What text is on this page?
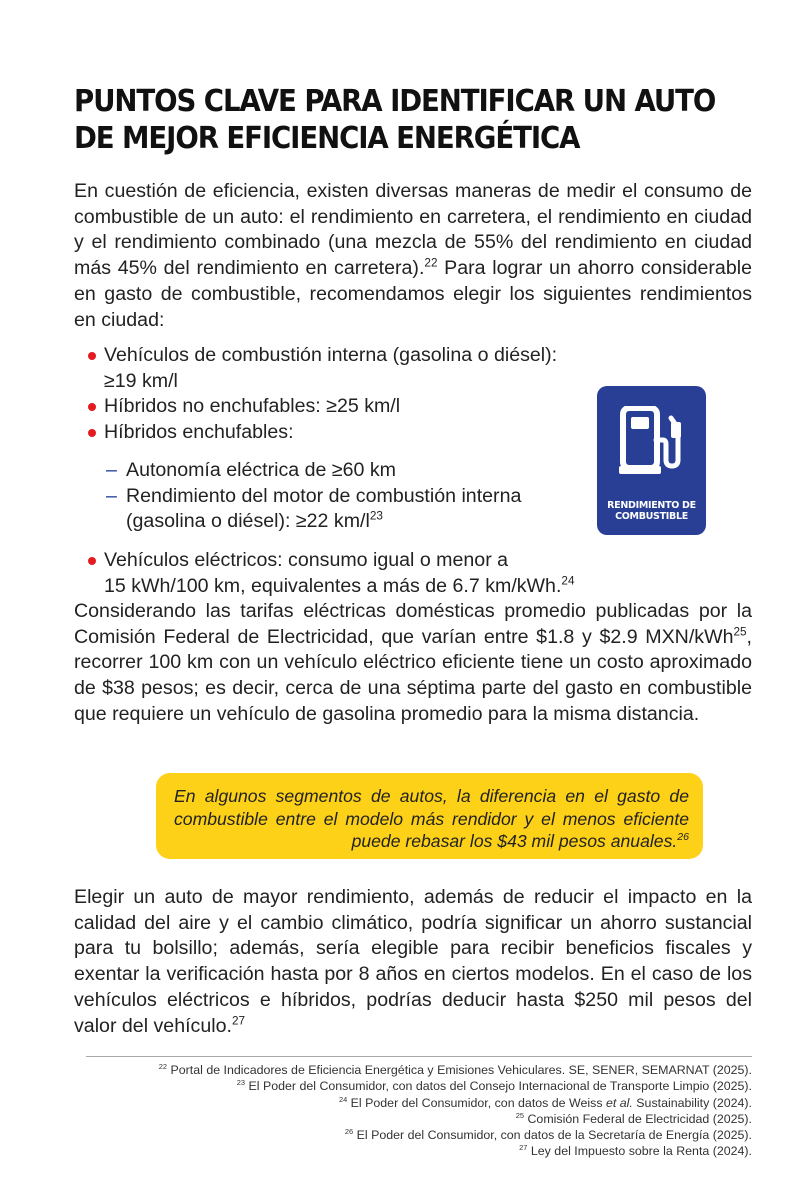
PUNTOS CLAVE PARA IDENTIFICAR UN AUTO
DE MEJOR EFICIENCIA ENERGÉTICA

En cuestión de eficiencia, existen diversas maneras de medir el consumo de combustible de un auto: el rendimiento en carretera, el rendimiento en ciudad y el rendimiento combinado (una mezcla de 55% del rendimiento en ciudad más 45% del rendimiento en carretera).$^{22}$ Para lograr un ahorro considerable en gasto de combustible, recomendamos elegir los siguientes rendimientos en ciudad:

Vehículos de combustión interna (gasolina o diésel): ≥19 km/l
Híbridos no enchufables: ≥25 km/l
Híbridos enchufables:
– Autonomía eléctrica de ≥60 km
– Rendimiento del motor de combustión interna
(gasolina o diésel): ≥22 $km/l^{23}$
Vehículos eléctricos: consumo igual o menor a
15 kWh/100 km, equivalentes a más de 6.7 km/kWh.$^{24}$
RENDIMIENTO DE
COMBUSTIBLE

Considerando las tarifas eléctricas domésticas promedio publicadas por la Comisión Federal de Electricidad, que varían entre $1.8 y $2.9 MXN/kWh$^{25}$, recorrer 100 km con un vehículo eléctrico eficiente tiene un costo aproximado de $38 pesos; es decir, cerca de una séptima parte del gasto en combustible que requiere un vehículo de gasolina promedio para la misma distancia.

En algunos segmentos de autos, la diferencia en el gasto de combustible entre el modelo más rendidor y el menos eficiente puede rebasar los $43 mil pesos anuales.$^{26}$

Elegir un auto de mayor rendimiento, además de reducir el impacto en la calidad del aire y el cambio climático, podría significar un ahorro sustancial para tu bolsillo; además, sería elegible para recibir beneficios fiscales y exentar la verificación hasta por 8 años en ciertos modelos. En el caso de los vehículos eléctricos e híbridos, podrías deducir hasta $250 mil pesos del valor del vehículo.$^{27}$

$^{22}$ Portal de Indicadores de Eficiencia Energética y Emisiones Vehiculares. SE, SENER, SEMARNAT (2025).
$^{23}$ El Poder del Consumidor, con datos del Consejo Internacional de Transporte Limpio (2025).
$^{24}$ El Poder del Consumidor, con datos de Weiss et al. Sustainability (2024).
$^{25}$ Comisión Federal de Electricidad (2025).
$^{26}$ El Poder del Consumidor, con datos de la Secretaría de Energía (2025).
$^{27}$ Ley del Impuesto sobre la Renta (2024).
